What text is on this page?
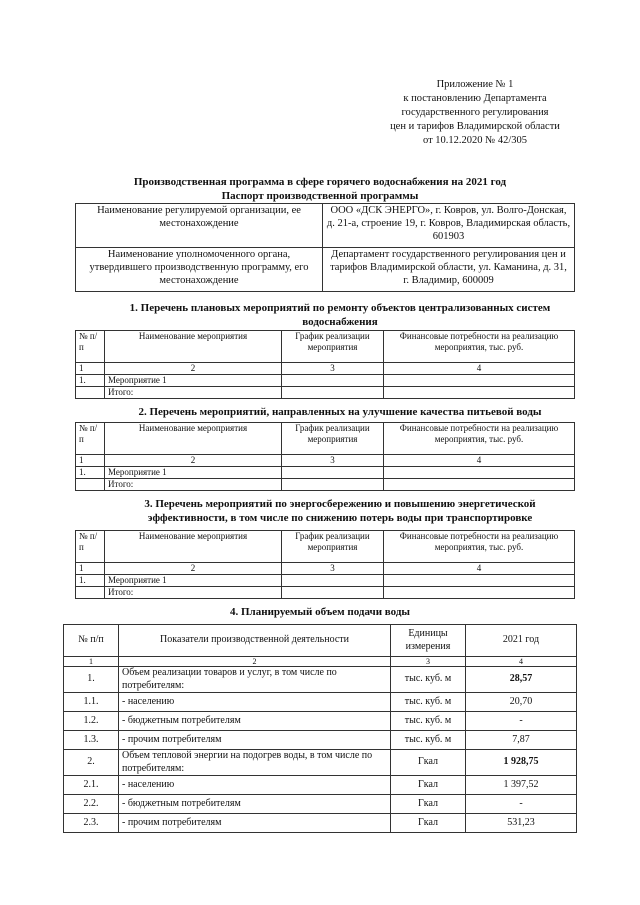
Приложение № 1
к постановлению Департамента
государственного регулирования
цен и тарифов Владимирской области
от 10.12.2020 № 42/305
Производственная программа в сфере горячего водоснабжения на 2021 год
Паспорт производственной программы
Наименование регулируемой организации, ее местонахождение	ООО «ДСК ЭНЕРГО», г. Ковров, ул. Волго-Донская, д. 21-а, строение 19, г. Ковров, Владимирская область, 601903
Наименование уполномоченного органа, утвердившего производственную программу, его местонахождение	Департамент государственного регулирования цен и тарифов Владимирской области, ул. Каманина, д. 31, г. Владимир, 600009
1. Перечень плановых мероприятий по ремонту объектов централизованных систем водоснабжения
№ п/п	Наименование мероприятия	График реализации мероприятия	Финансовые потребности на реализацию мероприятия, тыс. руб.
1	2	3	4
1.	Мероприятие 1		
	Итого:		
2. Перечень мероприятий, направленных на улучшение качества питьевой воды
№ п/п	Наименование мероприятия	График реализации мероприятия	Финансовые потребности на реализацию мероприятия, тыс. руб.
1	2	3	4
1.	Мероприятие 1		
	Итого:		
3. Перечень мероприятий по энергосбережению и повышению энергетической эффективности, в том числе по снижению потерь воды при транспортировке
№ п/п	Наименование мероприятия	График реализации мероприятия	Финансовые потребности на реализацию мероприятия, тыс. руб.
1	2	3	4
1.	Мероприятие 1		
	Итого:		
4. Планируемый объем подачи воды
№ п/п	Показатели производственной деятельности	Единицы измерения	2021 год
1	2	3	4
1.	Объем реализации товаров и услуг, в том числе по потребителям:	тыс. куб. м	28,57
1.1.	- населению	тыс. куб. м	20,70
1.2.	- бюджетным потребителям	тыс. куб. м	-
1.3.	- прочим потребителям	тыс. куб. м	7,87
2.	Объем тепловой энергии на подогрев воды, в том числе по потребителям:	Гкал	1 928,75
2.1.	- населению	Гкал	1 397,52
2.2.	- бюджетным потребителям	Гкал	-
2.3.	- прочим потребителям	Гкал	531,23
